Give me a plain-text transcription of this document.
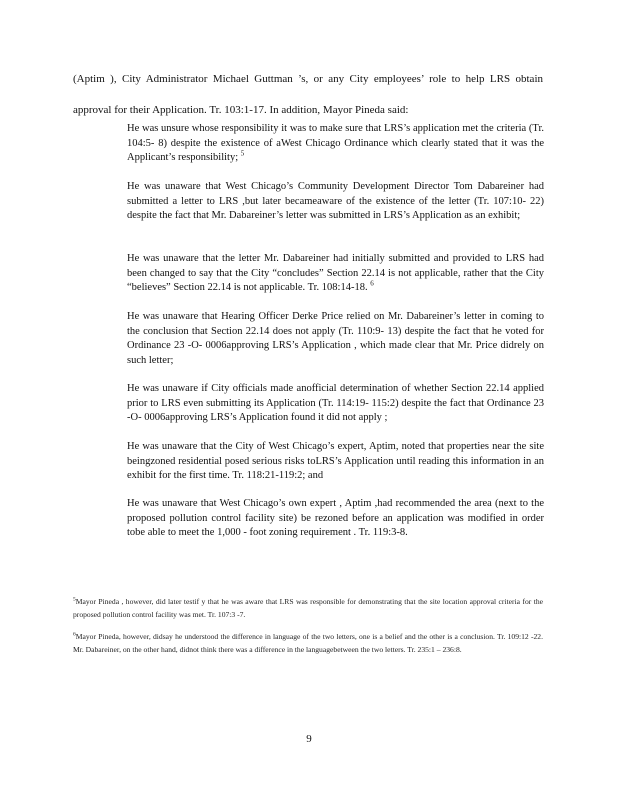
(Aptim ), City Administrator Michael Guttman ’s, or any City employees’ role to help LRS obtain

approval for their Application. Tr. 103:1-17. In addition, Mayor Pineda said:

He was unsure whose responsibility it was to make sure that LRS’s application met the criteria (Tr. 104:5- 8) despite the existence of aWest Chicago Ordinance which clearly stated that it was the Applicant’s responsibility; $^5$
He was unaware that West Chicago’s Community Development Director Tom Dabareiner had submitted a letter to LRS ,but later becameaware of the existence of the letter (Tr. 107:10- 22) despite the fact that Mr. Dabareiner’s letter was submitted in LRS’s Application as an exhibit;
He was unaware that the letter Mr. Dabareiner had initially submitted and provided to LRS had been changed to say that the City “concludes” Section 22.14 is not applicable, rather that the City “believes” Section 22.14 is not applicable. Tr. 108:14-18. $^6$
He was unaware that Hearing Officer Derke Price relied on Mr. Dabareiner’s letter in coming to the conclusion that Section 22.14 does not apply (Tr. 110:9- 13) despite the fact that he voted for Ordinance 23 -O- 0006approving LRS’s Application , which made clear that Mr. Price didrely on such letter;
He was unaware if City officials made anofficial determination of whether Section 22.14 applied prior to LRS even submitting its Application (Tr. 114:19- 115:2) despite the fact that Ordinance 23 -O- 0006approving LRS’s Application found it did not apply ;
He was unaware that the City of West Chicago’s expert, Aptim, noted that properties near the site beingzoned residential posed serious risks toLRS’s Application until reading this information in an exhibit for the first time. Tr. 118:21-119:2; and
He was unaware that West Chicago’s own expert , Aptim ,had recommended the area (next to the proposed pollution control facility site) be rezoned before an application was modified in order tobe able to meet the 1,000 - foot zoning requirement . Tr. 119:3-8.

$^5$Mayor Pineda , however, did later testif y that he was aware that LRS was responsible for demonstrating that the site location approval criteria for the proposed pollution control facility was met. Tr. 107:3 -7.

$^6$Mayor Pineda, however, didsay he understood the difference in language of the two letters, one is a belief and the other is a conclusion. Tr. 109:12 -22. Mr. Dabareiner, on the other hand, didnot think there was a difference in the languagebetween the two letters. Tr. 235:1 – 236:8.

9
